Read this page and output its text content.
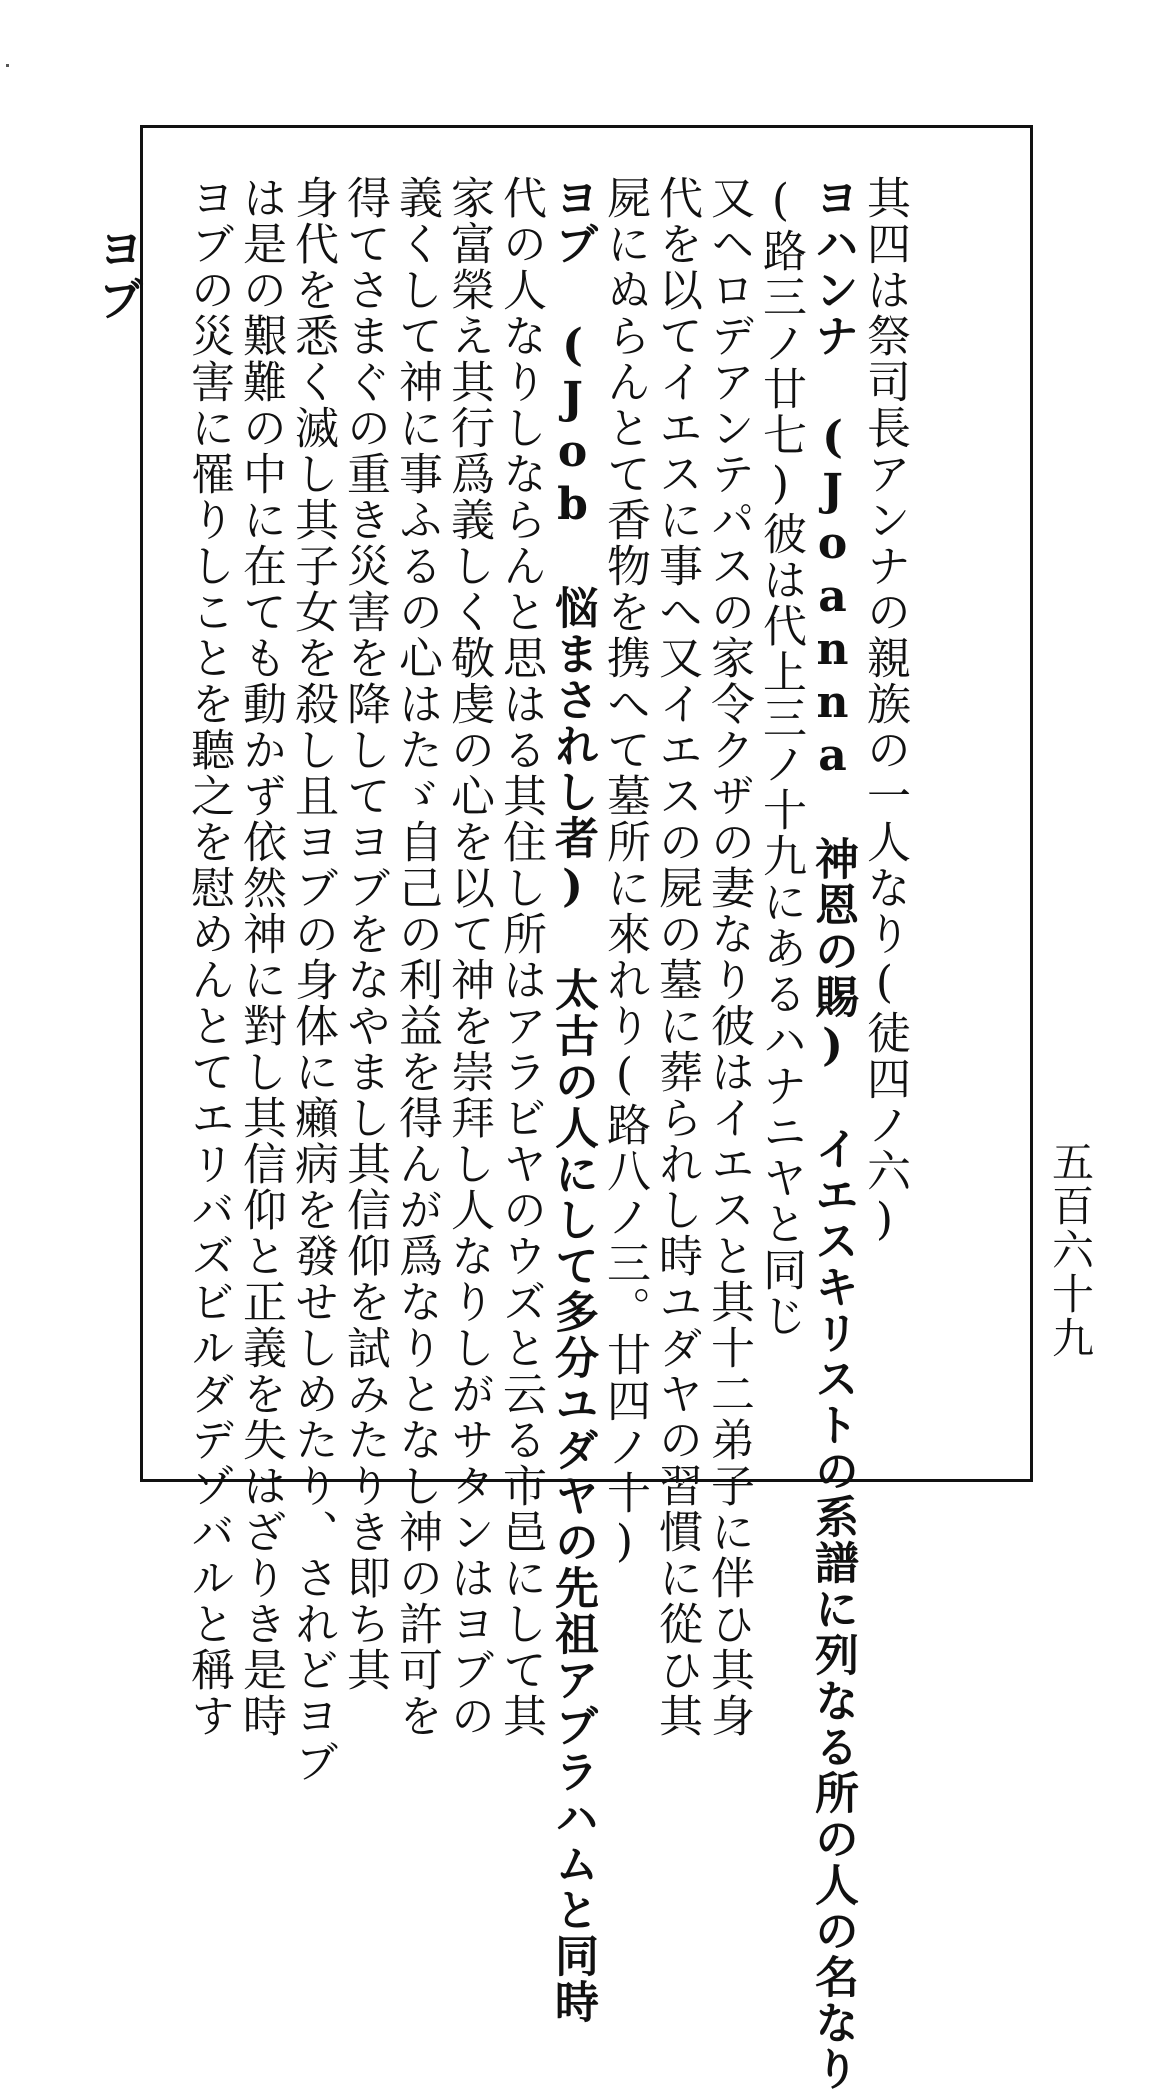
ヨブ	其四は祭司長アンナの親族の一人なり(徒四ノ六)
ヨハンナ (Joanna 神恩の賜) イエスキリストの系譜に列なる所の人の名なり
(路三ノ廿七)彼は代上三ノ十九にあるハナニヤと同じ
又ヘロデアンテパスの家令クザの妻なり彼はイエスと其十二弟子に伴ひ其身
代を以てイエスに事へ又イエスの屍の墓に葬られし時ユダヤの習慣に從ひ其
屍にぬらんとて香物を携へて墓所に來れり(路八ノ三。廿四ノ十)
ヨブ (Job 悩まされし者) 太古の人にして多分ユダヤの先祖アブラハムと同時
代の人なりしならんと思はる其住し所はアラビヤのウズと云る市邑にして其
家富榮え其行爲義しく敬虔の心を以て神を崇拜し人なりしがサタンはヨブの
義くして神に事ふるの心はたゞ自己の利益を得んが爲なりとなし神の許可を
得てさまぐの重き災害を降してヨブをなやまし其信仰を試みたりき即ち其
身代を悉く滅し其子女を殺し且ヨブの身体に癩病を發せしめたり、されどヨブ
は是の艱難の中に在ても動かず依然神に對し其信仰と正義を失はざりき是時
ヨブの災害に罹りしことを聽之を慰めんとてエリバズビルダデゾバルと稱す	五百六十九
